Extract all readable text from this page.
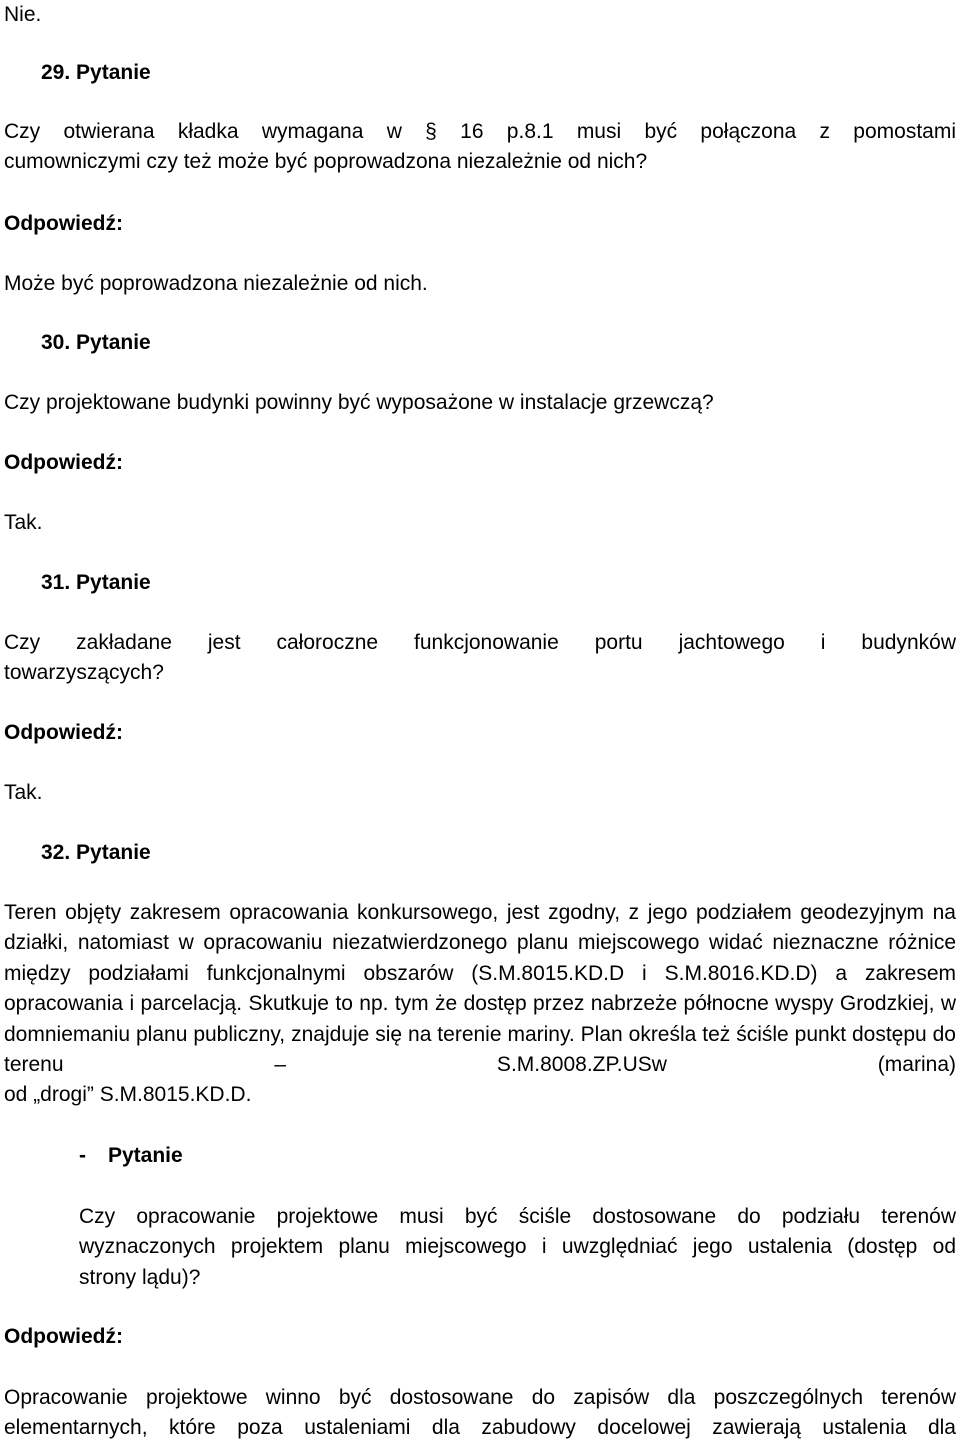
Nie.
29. Pytanie

Czy otwierana kładka wymagana w § 16 p.8.1 musi być połączona z pomostami

cumowniczymi czy też może być poprowadzona niezależnie od nich?

Odpowiedź:
Może być poprowadzona niezależnie od nich.
30. Pytanie
Czy projektowane budynki powinny być wyposażone w instalacje grzewczą?
Odpowiedź:
Tak.
31. Pytanie

Czy zakładane jest całoroczne funkcjonowanie portu jachtowego i budynków

towarzyszących?

Odpowiedź:
Tak.
32. Pytanie

Teren objęty zakresem opracowania konkursowego, jest zgodny, z jego podziałem geodezyjnym na działki, natomiast w opracowaniu niezatwierdzonego planu miejscowego widać nieznaczne różnice między podziałami funkcjonalnymi obszarów (S.M.8015.KD.D i S.M.8016.KD.D) a zakresem opracowania i parcelacją. Skutkuje to np. tym że dostęp przez nabrzeże północne wyspy Grodzkiej, w domniemaniu planu publiczny, znajduje się na terenie mariny. Plan określa też ściśle punkt dostępu do terenu – S.M.8008.ZP.USw (marina)

od „drogi” S.M.8015.KD.D.

- Pytanie

Czy opracowanie projektowe musi być ściśle dostosowane do podziału terenów wyznaczonych projektem planu miejscowego i uwzględniać jego ustalenia (dostęp od

strony lądu)?

Odpowiedź:

Opracowanie projektowe winno być dostosowane do zapisów dla poszczególnych terenów

elementarnych, które poza ustaleniami dla zabudowy docelowej zawierają ustalenia dla
